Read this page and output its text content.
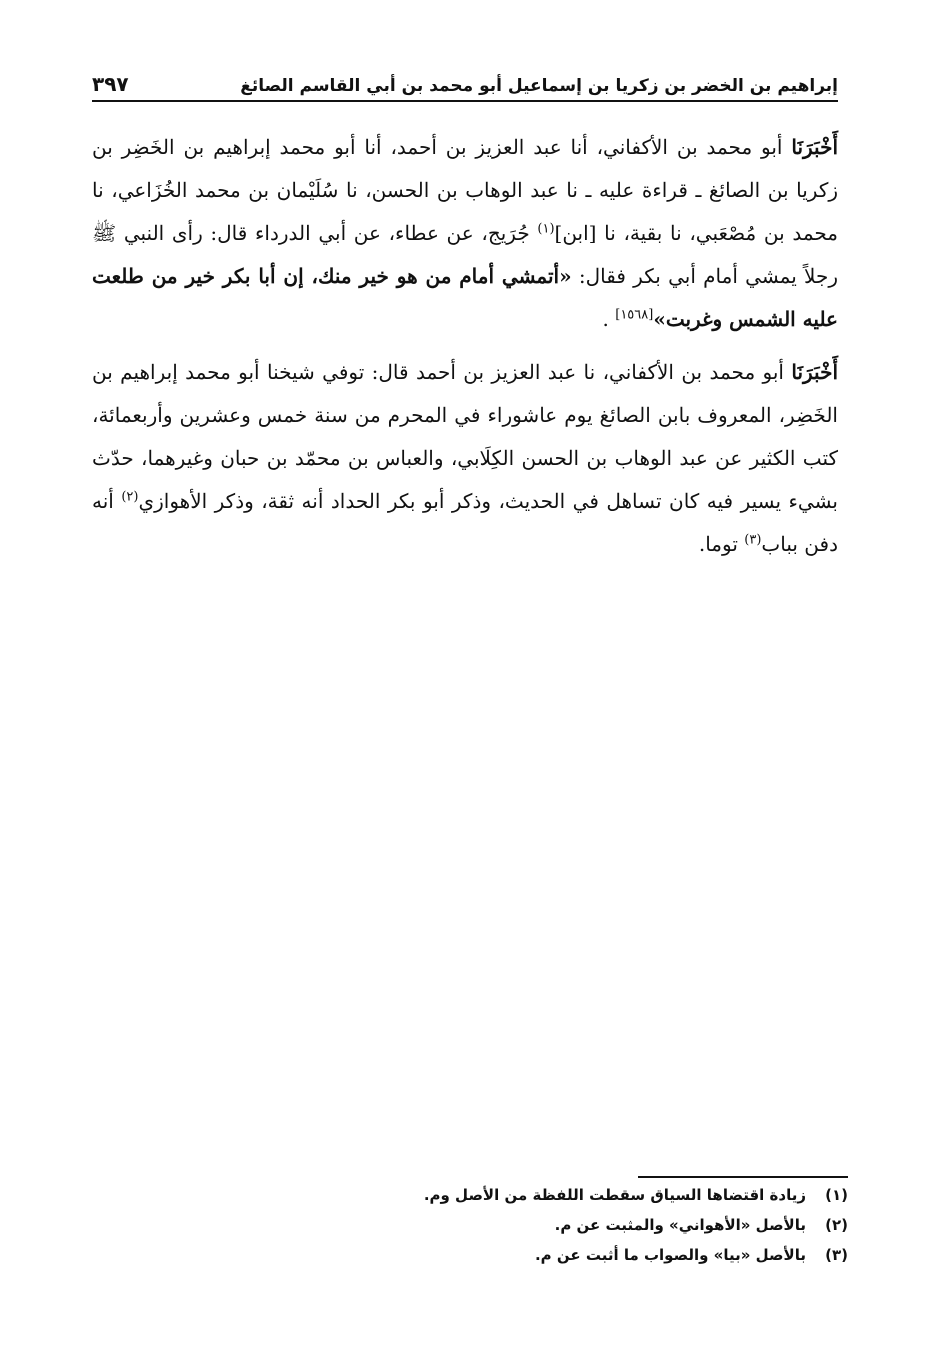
إبراهيم بن الخضر بن زكريا بن إسماعيل أبو محمد بن أبي القاسم الصائغ
٣٩٧

أَخْبَرَنَا أبو محمد بن الأكفاني، أنا عبد العزيز بن أحمد، أنا أبو محمد إبراهيم بن الخَضِر بن زكريا بن الصائغ ـ قراءة عليه ـ نا عبد الوهاب بن الحسن، نا سُلَيْمان بن محمد الخُزَاعي، نا محمد بن مُصْعَبي، نا بقية، نا [ابن]$^{(١)}$ جُرَيج، عن عطاء، عن أبي الدرداء قال: رأى النبي ﷺ رجلاً يمشي أمام أبي بكر فقال: «أتمشي أمام من هو خير منك، إن أبا بكر خير من طلعت عليه الشمس وغربت»[١٥٦٨] .

أَخْبَرَنَا أبو محمد بن الأكفاني، نا عبد العزيز بن أحمد قال: توفي شيخنا أبو محمد إبراهيم بن الخَضِر، المعروف بابن الصائغ يوم عاشوراء في المحرم من سنة خمس وعشرين وأربعمائة، كتب الكثير عن عبد الوهاب بن الحسن الكِلَابي، والعباس بن محمّد بن حبان وغيرهما، حدّث بشيء يسير فيه كان تساهل في الحديث، وذكر أبو بكر الحداد أنه ثقة، وذكر الأهوازي$^{(٢)}$ أنه دفن بباب$^{(٣)}$ توما.

(١)
زيادة اقتضاها السياق سقطت اللفظة من الأصل وم.
(٢)
بالأصل «الأهواني» والمثبت عن م.
(٣)
بالأصل «بيا» والصواب ما أثبت عن م.
